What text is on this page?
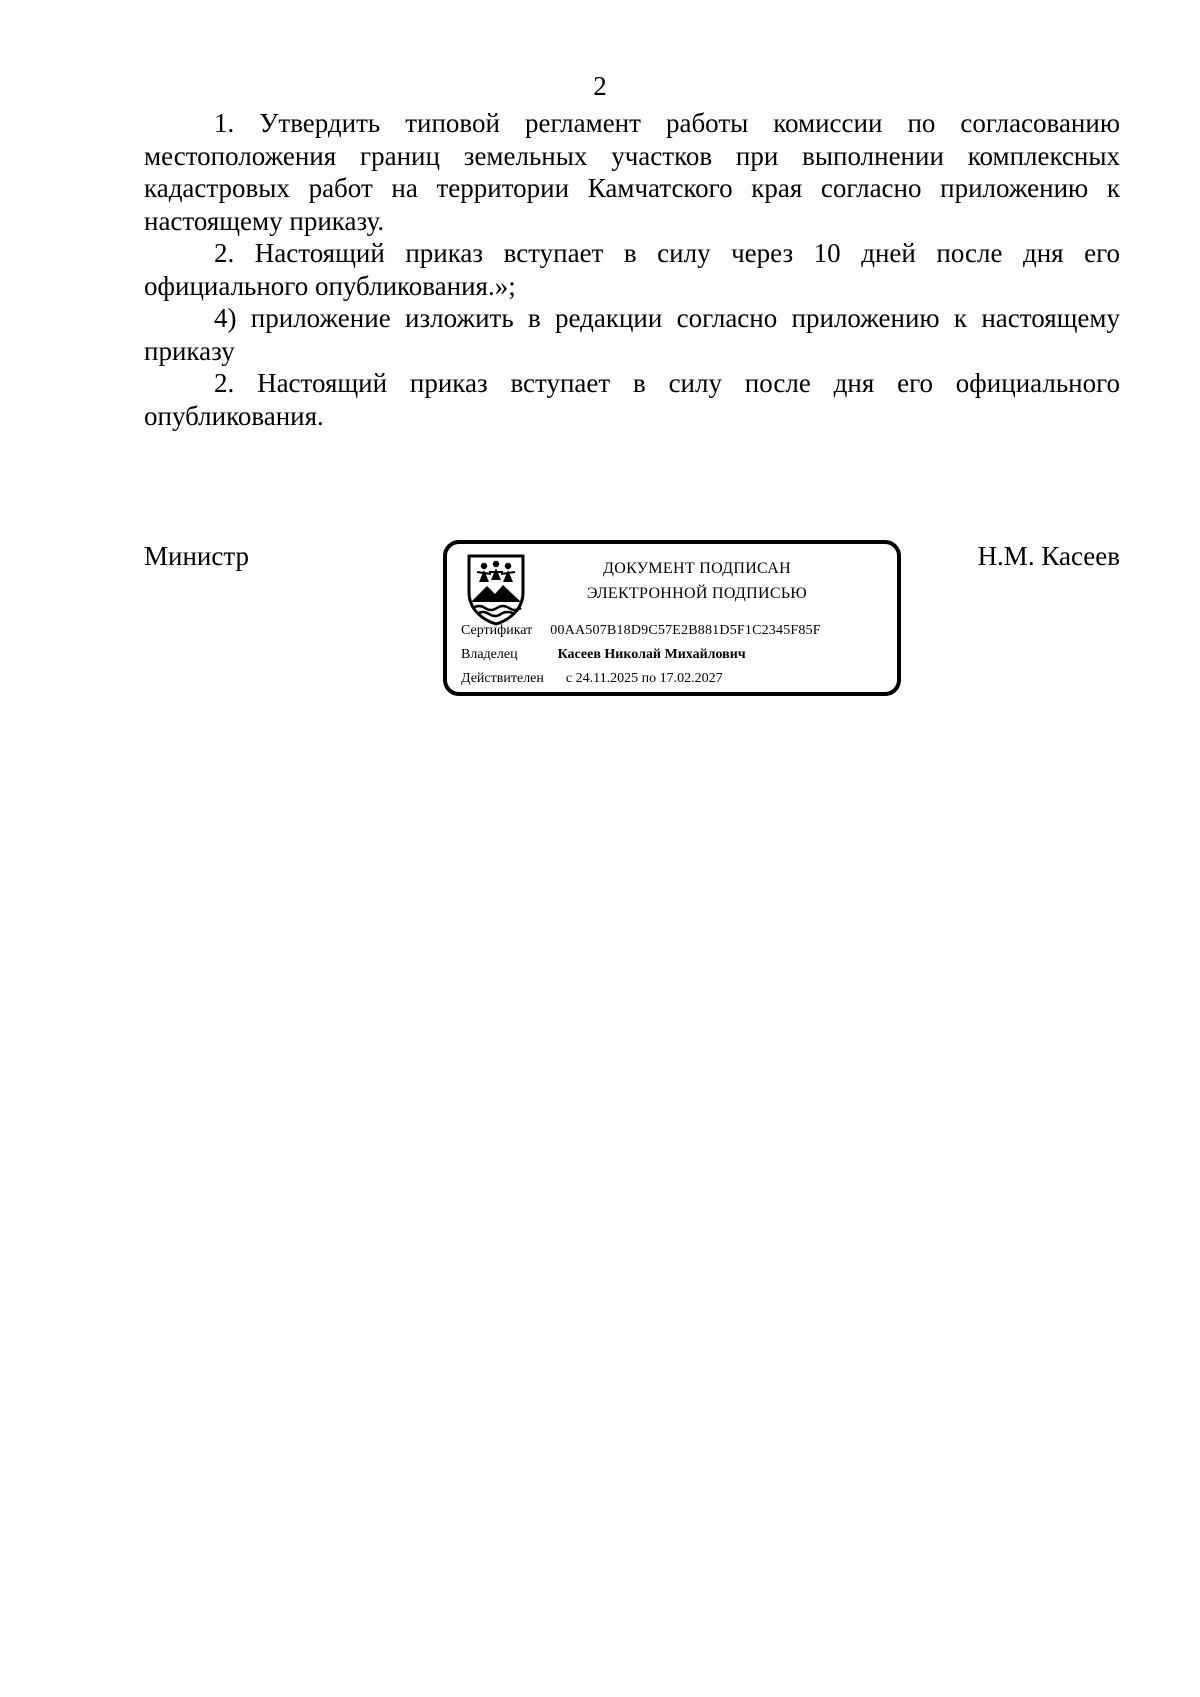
2

1. Утвердить типовой регламент работы комиссии по согласованию местоположения границ земельных участков при выполнении комплексных кадастровых работ на территории Камчатского края согласно приложению к настоящему приказу.

2. Настоящий приказ вступает в силу через 10 дней после дня его официального опубликования.»;

4) приложение изложить в редакции согласно приложению к настоящему приказу

2. Настоящий приказ вступает в силу после дня его официального опубликования.

Министр	ДОКУМЕНТ ПОДПИСАН
ЭЛЕКТРОННОЙ ПОДПИСЬЮ
Сертификат 00AA507B18D9C57E2B881D5F1C2345F85F
Владелец	Касеев Николай Михайлович
Действителен с 24.11.2025 по 17.02.2027
Н.М. Касеев
